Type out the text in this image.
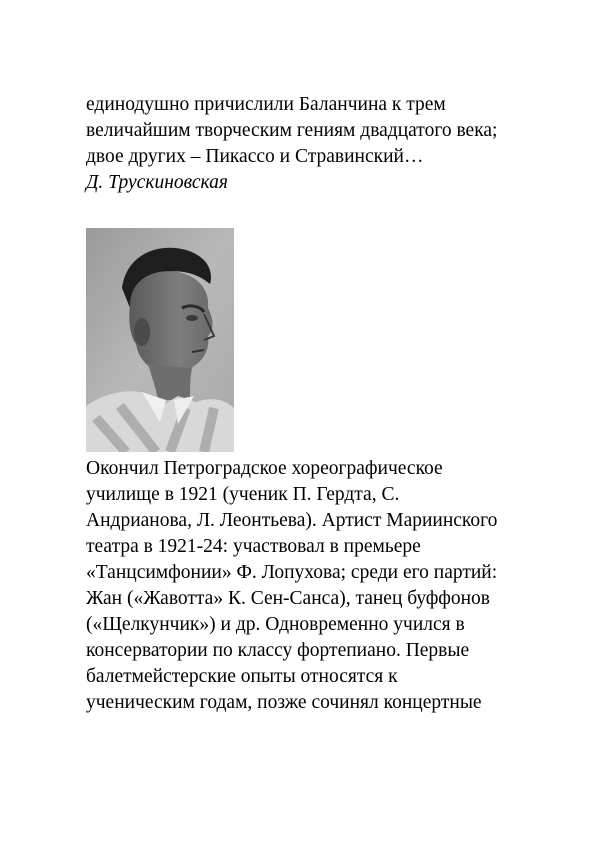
единодушно причислили Баланчина к трем
величайшим творческим гениям двадцатого века;
двое других – Пикассо и Стравинский…
Д. Трускиновская
Окончил Петроградское хореографическое
училище в 1921 (ученик П. Гердта, С.
Андрианова, Л. Леонтьева). Артист Мариинского
театра в 1921-24: участвовал в премьере
«Танцсимфонии» Ф. Лопухова; среди его партий:
Жан («Жавотта» К. Сен-Санса), танец буффонов
(«Щелкунчик») и др. Одновременно учился в
консерватории по классу фортепиано. Первые
балетмейстерские опыты относятся к
ученическим годам, позже сочинял концертные
